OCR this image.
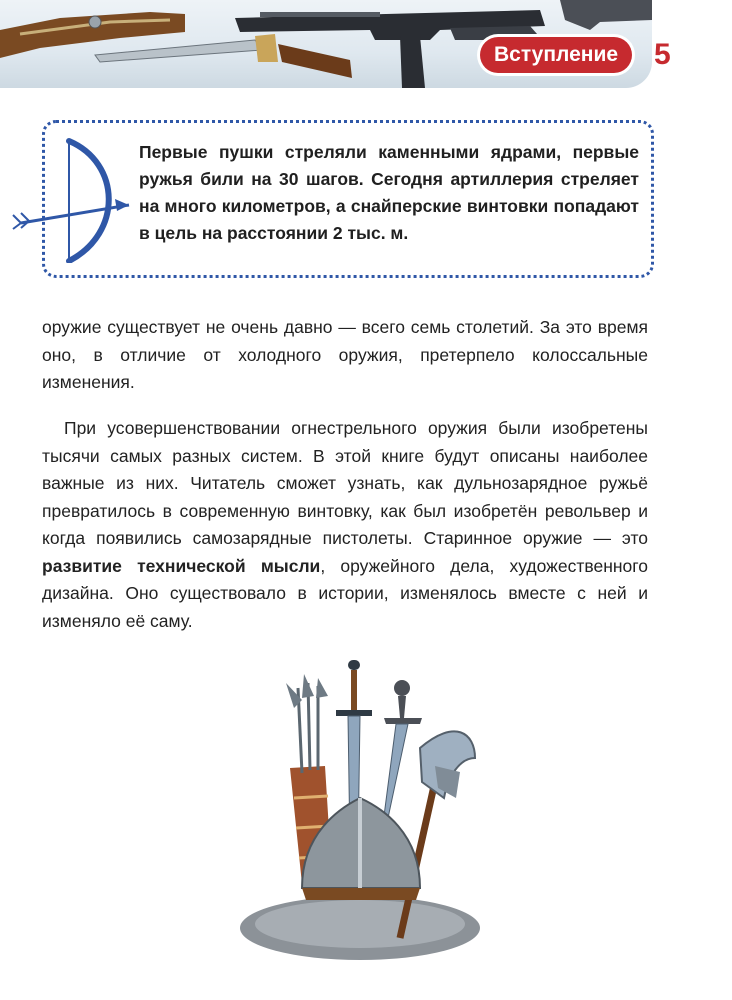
Вступление	5
Первые пушки стреляли каменными ядрами, первые ружья били на 30 шагов. Сегодня артиллерия стреляет на много километров, а снайперские винтовки попадают в цель на расстоянии 2 тыс. м.
оружие существует не очень давно — всего семь столетий. За это время оно, в отличие от холодного оружия, претерпело колоссальные изменения.
При усовершенствовании огнестрельного оружия были изобретены тысячи самых разных систем. В этой книге будут описаны наиболее важные из них. Читатель сможет узнать, как дульнозарядное ружьё превратилось в современную винтовку, как был изобретён револьвер и когда появились самозарядные пистолеты. Старинное оружие — это развитие технической мысли, оружейного дела, художественного дизайна. Оно существовало в истории, изменялось вместе с ней и изменяло её саму.
